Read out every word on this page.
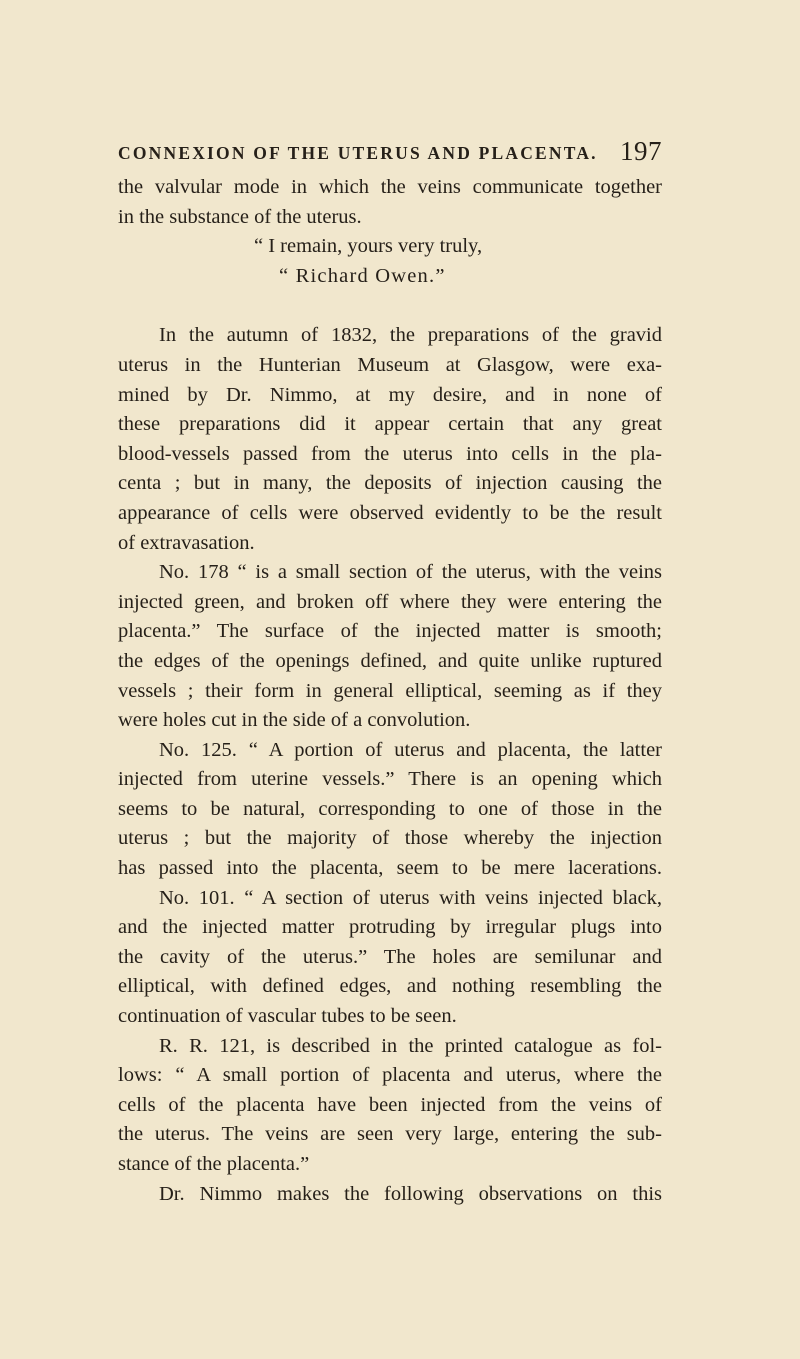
CONNEXION OF THE UTERUS AND PLACENTA. 197
the valvular mode in which the veins communicate together
in the substance of the uterus.
“ I remain, yours very truly,
“ Richard Owen.”
In the autumn of 1832, the preparations of the gravid
uterus in the Hunterian Museum at Glasgow, were exa-
mined by Dr. Nimmo, at my desire, and in none of
these preparations did it appear certain that any great
blood-vessels passed from the uterus into cells in the pla-
centa ; but in many, the deposits of injection causing the
appearance of cells were observed evidently to be the result
of extravasation.
No. 178 “ is a small section of the uterus, with the veins
injected green, and broken off where they were entering the
placenta.” The surface of the injected matter is smooth;
the edges of the openings defined, and quite unlike ruptured
vessels ; their form in general elliptical, seeming as if they
were holes cut in the side of a convolution.
No. 125. “ A portion of uterus and placenta, the latter
injected from uterine vessels.” There is an opening which
seems to be natural, corresponding to one of those in the
uterus ; but the majority of those whereby the injection
has passed into the placenta, seem to be mere lacerations.
No. 101. “ A section of uterus with veins injected black,
and the injected matter protruding by irregular plugs into
the cavity of the uterus.” The holes are semilunar and
elliptical, with defined edges, and nothing resembling the
continuation of vascular tubes to be seen.
R. R. 121, is described in the printed catalogue as fol-
lows: “ A small portion of placenta and uterus, where the
cells of the placenta have been injected from the veins of
the uterus. The veins are seen very large, entering the sub-
stance of the placenta.”
Dr. Nimmo makes the following observations on this
